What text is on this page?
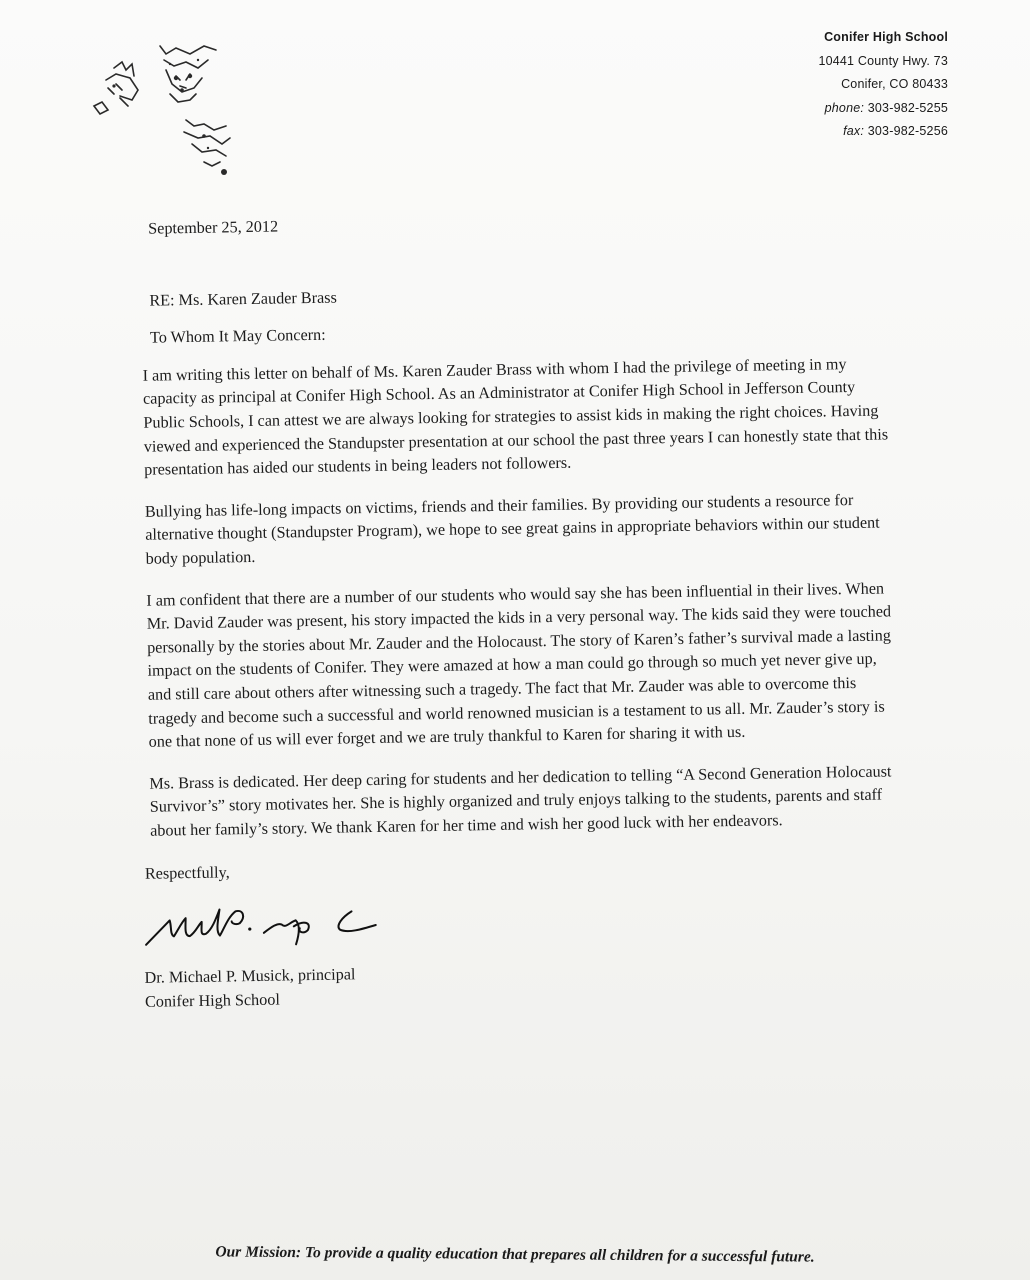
Conifer High School
10441 County Hwy. 73
Conifer, CO 80433
phone: 303-982-5255
fax: 303-982-5256
September 25, 2012
RE: Ms. Karen Zauder Brass
To Whom It May Concern:

I am writing this letter on behalf of Ms. Karen Zauder Brass with whom I had the privilege of meeting in my capacity as principal at Conifer High School. As an Administrator at Conifer High School in Jefferson County Public Schools, I can attest we are always looking for strategies to assist kids in making the right choices. Having viewed and experienced the Standupster presentation at our school the past three years I can honestly state that this presentation has aided our students in being leaders not followers.

Bullying has life-long impacts on victims, friends and their families. By providing our students a resource for alternative thought (Standupster Program), we hope to see great gains in appropriate behaviors within our student body population.

I am confident that there are a number of our students who would say she has been influential in their lives. When Mr. David Zauder was present, his story impacted the kids in a very personal way. The kids said they were touched personally by the stories about Mr. Zauder and the Holocaust. The story of Karen’s father’s survival made a lasting impact on the students of Conifer. They were amazed at how a man could go through so much yet never give up, and still care about others after witnessing such a tragedy. The fact that Mr. Zauder was able to overcome this tragedy and become such a successful and world renowned musician is a testament to us all. Mr. Zauder’s story is one that none of us will ever forget and we are truly thankful to Karen for sharing it with us.

Ms. Brass is dedicated. Her deep caring for students and her dedication to telling “A Second Generation Holocaust Survivor’s” story motivates her. She is highly organized and truly enjoys talking to the students, parents and staff about her family’s story. We thank Karen for her time and wish her good luck with her endeavors.

Respectfully,
Dr. Michael P. Musick, principal
Conifer High School
Our Mission: To provide a quality education that prepares all children for a successful future.
